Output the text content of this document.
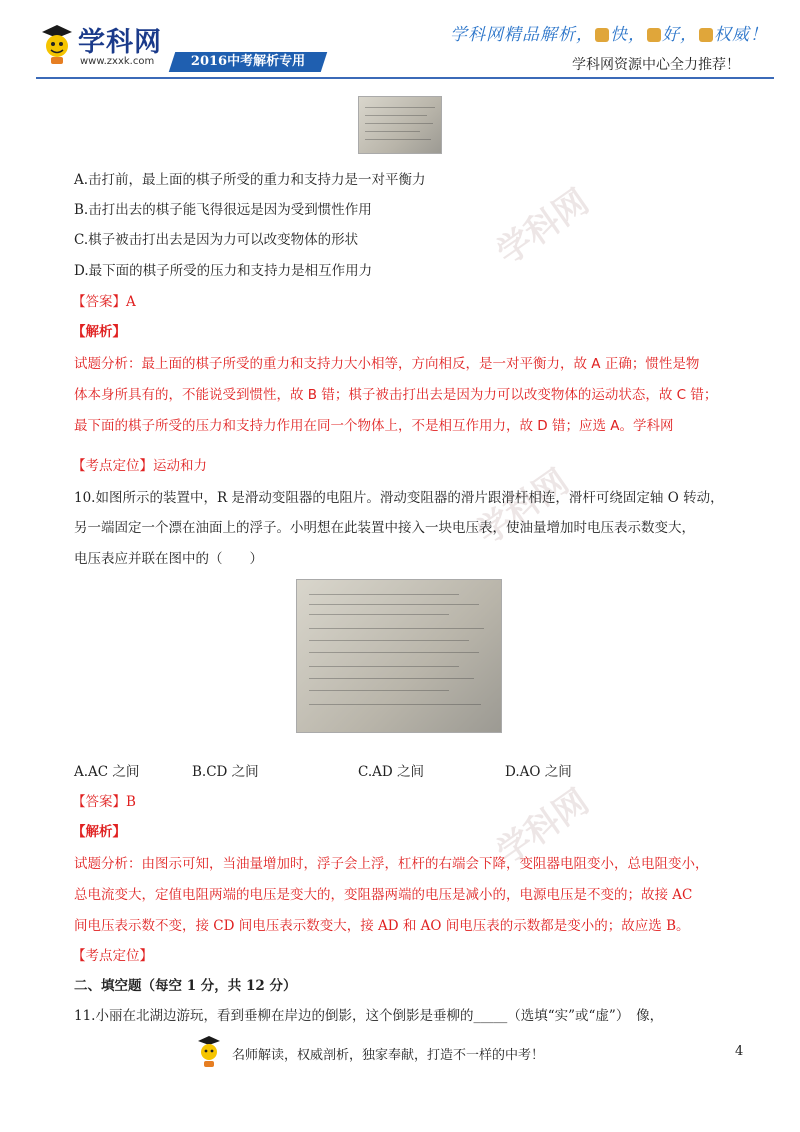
学科网
学科网
学科网
学科网
www.zxxk.com	2016中考解析专用
学科网精品解析， 快， 好， 权威！
学科网资源中心全力推荐！
A.击打前，最上面的棋子所受的重力和支持力是一对平衡力
B.击打出去的棋子能飞得很远是因为受到惯性作用
C.棋子被击打出去是因为力可以改变物体的形状
D.最下面的棋子所受的压力和支持力是相互作用力
【答案】A
【解析】
试题分析：最上面的棋子所受的重力和支持力大小相等，方向相反，是一对平衡力，故 A 正确；惯性是物
体本身所具有的，不能说受到惯性，故 B 错；棋子被击打出去是因为力可以改变物体的运动状态，故 C 错；
最下面的棋子所受的压力和支持力作用在同一个物体上，不是相互作用力，故 D 错；应选 A。学科网
【考点定位】运动和力
10.如图所示的装置中，R 是滑动变阻器的电阻片。滑动变阻器的滑片跟滑杆相连，滑杆可绕固定轴 O 转动，
另一端固定一个漂在油面上的浮子。小明想在此装置中接入一块电压表，使油量增加时电压表示数变大，
电压表应并联在图中的（　　）
A.AC 之间	B.CD 之间	C.AD 之间	D.AO 之间
【答案】B
【解析】
试题分析：由图示可知，当油量增加时，浮子会上浮，杠杆的右端会下降，变阻器电阻变小，总电阻变小，
总电流变大，定值电阻两端的电压是变大的，变阻器两端的电压是减小的，电源电压是不变的；故接 AC
间电压表示数不变，接 CD 间电压表示数变大，接 AD 和 AO 间电压表的示数都是变小的；故应选 B。
【考点定位】
二、填空题（每空 1 分，共 12 分）
11.小丽在北湖边游玩，看到垂柳在岸边的倒影，这个倒影是垂柳的_____（选填“实”或“虚”）　像，
名师解读，权威剖析，独家奉献，打造不一样的中考！	4
